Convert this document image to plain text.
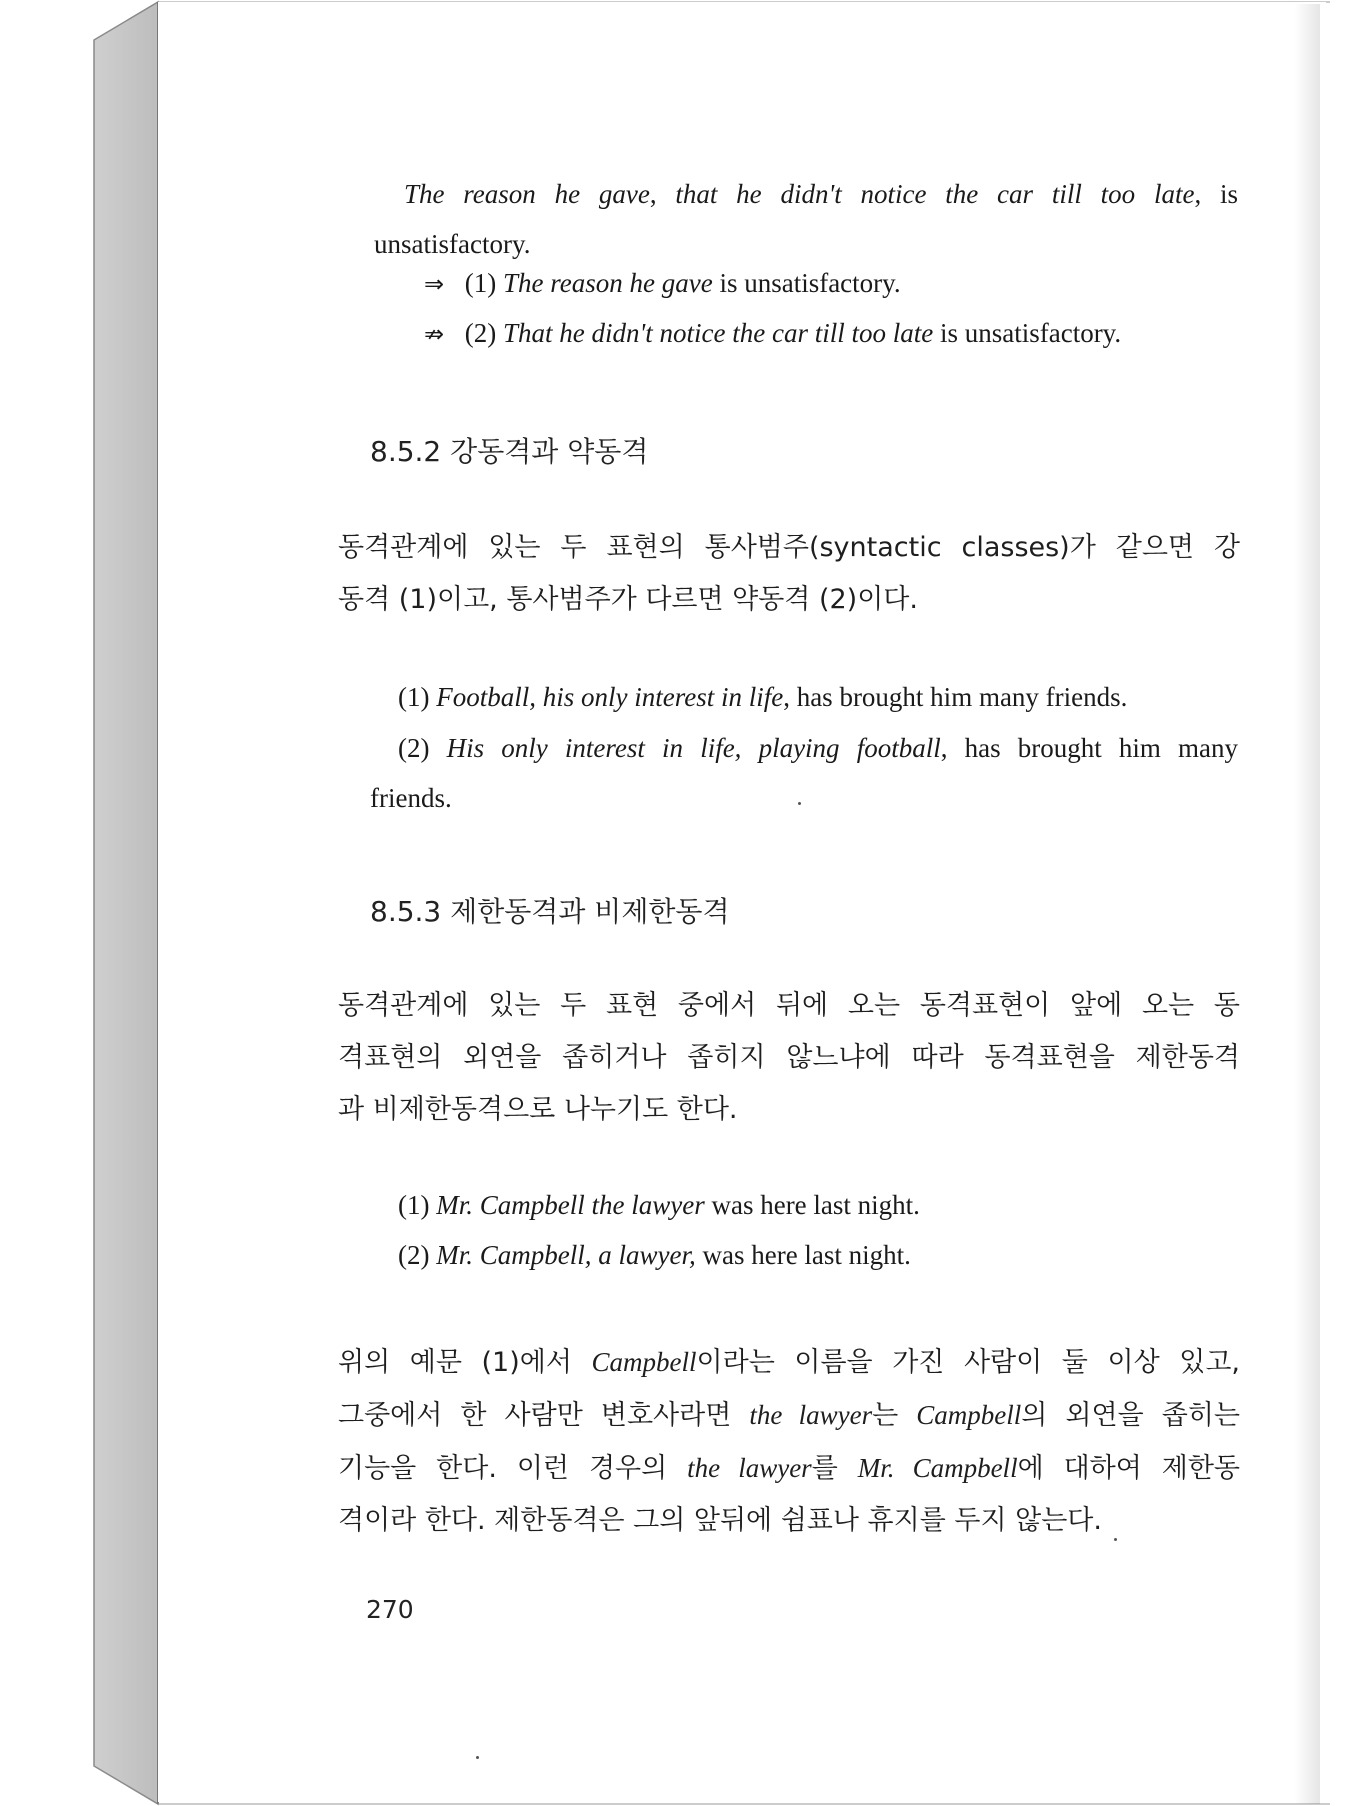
The reason he gave, that he didn't notice the car till too late, is
unsatisfactory.
⇒ (1) The reason he gave is unsatisfactory.
⇏ (2) That he didn't notice the car till too late is unsatisfactory.
8.5.2 강동격과 약동격
동격관계에 있는 두 표현의 통사범주(syntactic classes)가 같으면 강
동격 (1)이고, 통사범주가 다르면 약동격 (2)이다.
(1) Football, his only interest in life, has brought him many friends.
(2) His only interest in life, playing football, has brought him many
friends.
8.5.3 제한동격과 비제한동격
동격관계에 있는 두 표현 중에서 뒤에 오는 동격표현이 앞에 오는 동
격표현의 외연을 좁히거나 좁히지 않느냐에 따라 동격표현을 제한동격
과 비제한동격으로 나누기도 한다.
(1) Mr. Campbell the lawyer was here last night.
(2) Mr. Campbell, a lawyer, was here last night.
위의 예문 (1)에서 Campbell이라는 이름을 가진 사람이 둘 이상 있고,
그중에서 한 사람만 변호사라면 the lawyer는 Campbell의 외연을 좁히는
기능을 한다. 이런 경우의 the lawyer를 Mr. Campbell에 대하여 제한동
격이라 한다. 제한동격은 그의 앞뒤에 쉼표나 휴지를 두지 않는다.
270
